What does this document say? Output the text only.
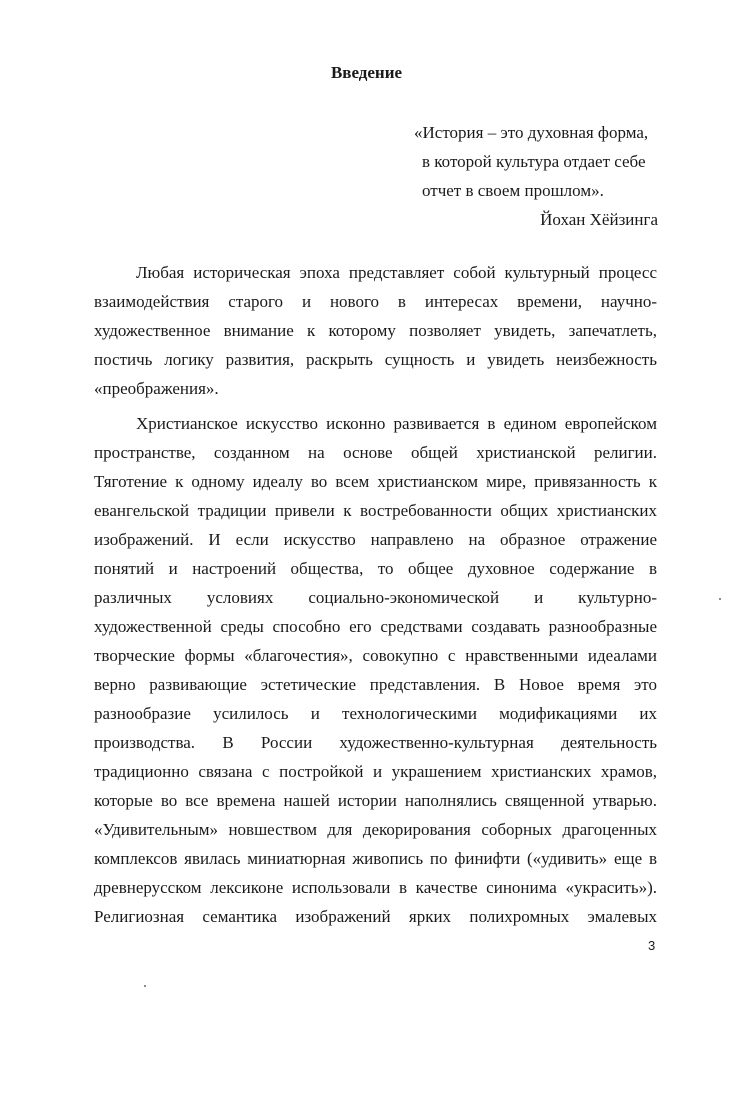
Введение
«История – это духовная форма,
в которой культура отдает себе
отчет в своем прошлом».
Йохан Хёйзинга
Любая историческая эпоха представляет собой культурный процесс
взаимодействия старого и нового в интересах времени, научно-
художественное внимание к которому позволяет увидеть, запечатлеть,
постичь логику развития, раскрыть сущность и увидеть неизбежность
«преображения».
Христианское искусство исконно развивается в едином европейском
пространстве, созданном на основе общей христианской религии.
Тяготение к одному идеалу во всем христианском мире, привязанность к
евангельской традиции привели к востребованности общих христианских
изображений. И если искусство направлено на образное отражение
понятий и настроений общества, то общее духовное содержание в
различных условиях социально-экономической и культурно-
художественной среды способно его средствами создавать разнообразные
творческие формы «благочестия», совокупно с нравственными идеалами
верно развивающие эстетические представления. В Новое время это
разнообразие усилилось и технологическими модификациями их
производства. В России художественно-культурная деятельность
традиционно связана с постройкой и украшением христианских храмов,
которые во все времена нашей истории наполнялись священной утварью.
«Удивительным» новшеством для декорирования соборных драгоценных
комплексов явилась миниатюрная живопись по финифти («удивить» еще в
древнерусском лексиконе использовали в качестве синонима «украсить»).
Религиозная семантика изображений ярких полихромных эмалевых
3
